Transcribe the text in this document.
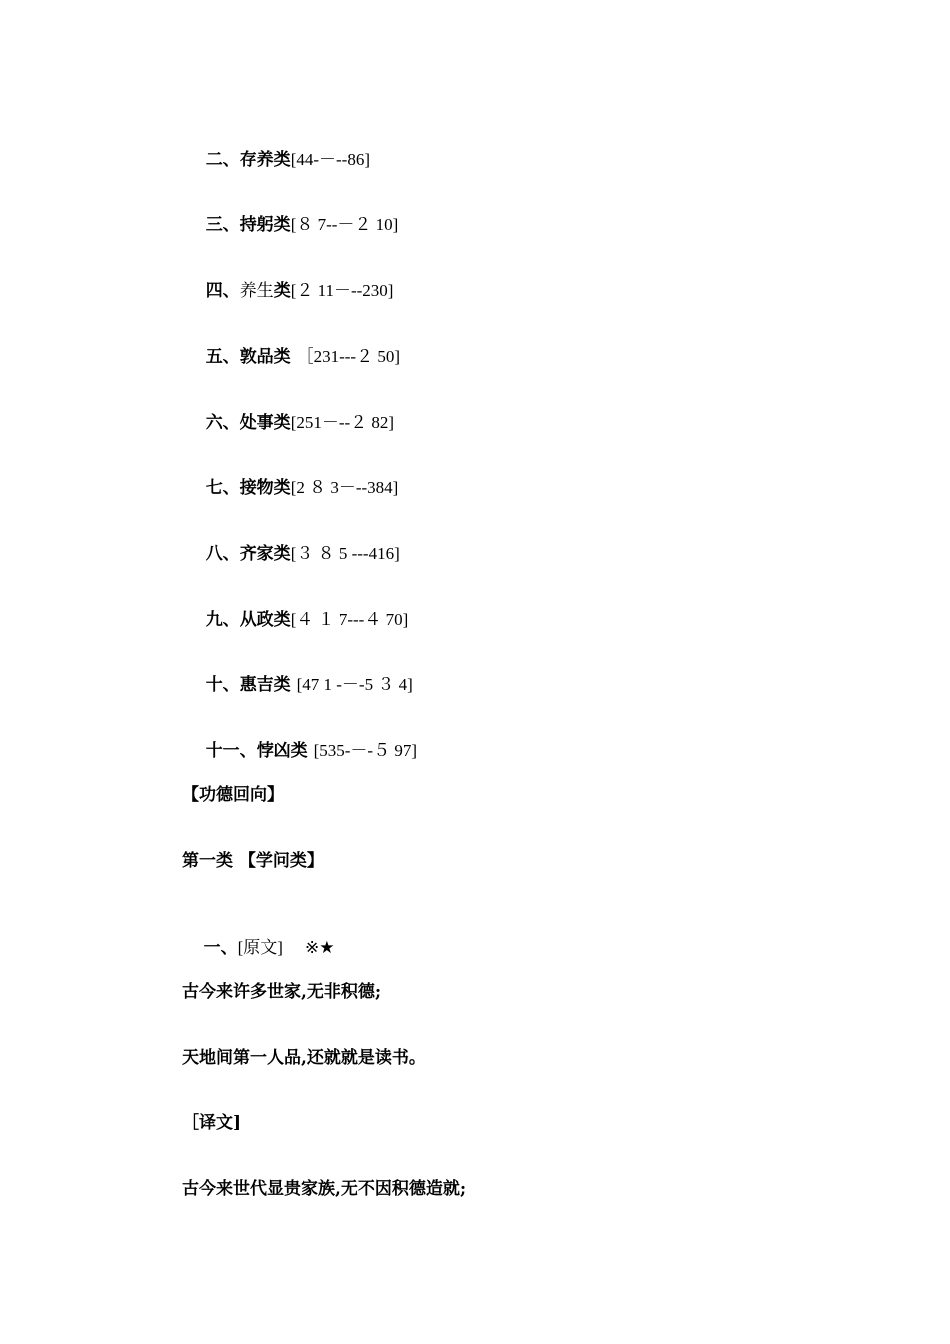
二、存养类[44-－--86]

三、持躬类[８ 7--－２ 10]

四、养生类[２ 11－--230]

五、敦品类 ［231---２ 50]

六、处事类[251－--２ 82]

七、接物类[2 ８ 3－--384]

八、齐家类[３ ８ 5 ---416]

九、从政类[４ １ 7---４ 70]

十、惠吉类 [47 1 -－-5 ３ 4]

十一、悖凶类 [535-－-５ 97]

【功德回向】
第一类 【学问类】

一、[原文] ※★

古今来许多世家,无非积德;
天地间第一人品,还就就是读书。
［译文]
古今来世代显贵家族,无不因积德造就;
